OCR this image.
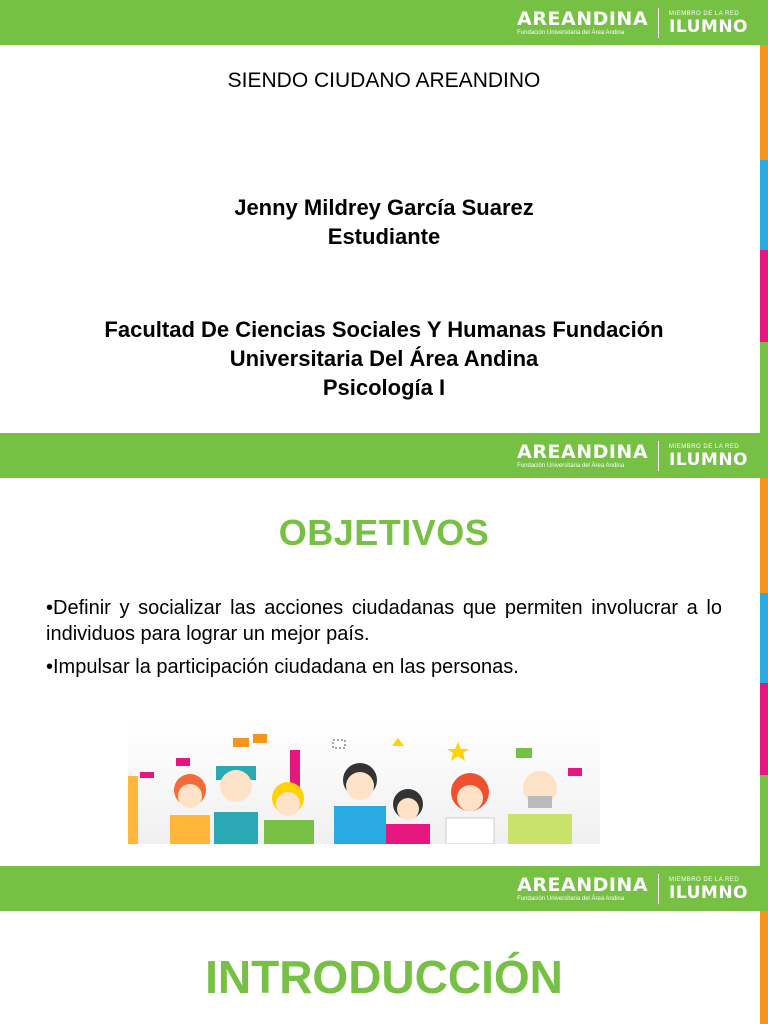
AREANDINA
Fundación Universitaria del Área Andina
MIEMBRO DE LA RED
ILUMNO
SIENDO CIUDANO AREANDINO
Jenny Mildrey García Suarez
Estudiante
Facultad De Ciencias Sociales Y Humanas Fundación
Universitaria Del Área Andina
Psicología I
AREANDINA
Fundación Universitaria del Área Andina
MIEMBRO DE LA RED
ILUMNO
OBJETIVOS
•Definir y socializar las acciones ciudadanas que permiten involucrar a lo individuos para lograr un mejor país.
•Impulsar la participación ciudadana en las personas.
AREANDINA
Fundación Universitaria del Área Andina
MIEMBRO DE LA RED
ILUMNO
INTRODUCCIÓN
